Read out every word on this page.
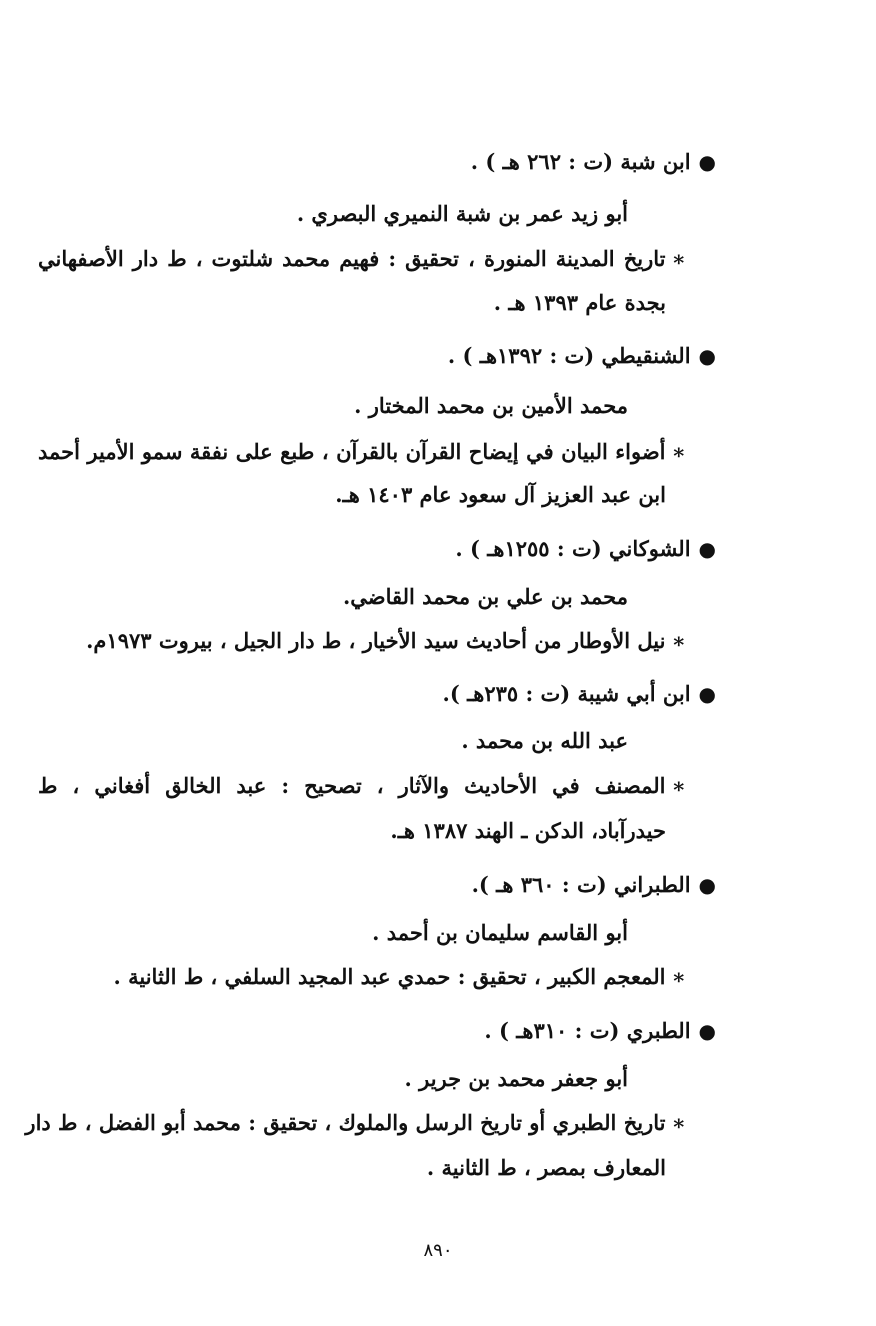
●ابن شبة (ت : ٢٦٢ هـ ) .
أبو زيد عمر بن شبة النميري البصري .
∗تاريخ المدينة المنورة ، تحقيق : فهيم محمد شلتوت ، ط دار الأصفهاني
بجدة عام ١٣٩٣ هـ .
●الشنقيطي (ت : ١٣٩٢هـ ) .
محمد الأمين بن محمد المختار .
∗أضواء البيان في إيضاح القرآن بالقرآن ، طبع على نفقة سمو الأمير أحمد
ابن عبد العزيز آل سعود عام ١٤٠٣ هـ.
●الشوكاني (ت : ١٢٥٥هـ ) .
محمد بن علي بن محمد القاضي.
∗نيل الأوطار من أحاديث سيد الأخيار ، ط دار الجيل ، بيروت ١٩٧٣م.
●ابن أبي شيبة (ت : ٢٣٥هـ ).
عبد الله بن محمد .
∗المصنف في الأحاديث والآثار ، تصحيح : عبد الخالق أفغاني ، ط
حيدرآباد، الدكن ـ الهند ١٣٨٧ هـ.
●الطبراني (ت : ٣٦٠ هـ ).
أبو القاسم سليمان بن أحمد .
∗المعجم الكبير ، تحقيق : حمدي عبد المجيد السلفي ، ط الثانية .
●الطبري (ت : ٣١٠هـ ) .
أبو جعفر محمد بن جرير .
∗تاريخ الطبري أو تاريخ الرسل والملوك ، تحقيق : محمد أبو الفضل ، ط دار
المعارف بمصر ، ط الثانية .
٨٩٠
